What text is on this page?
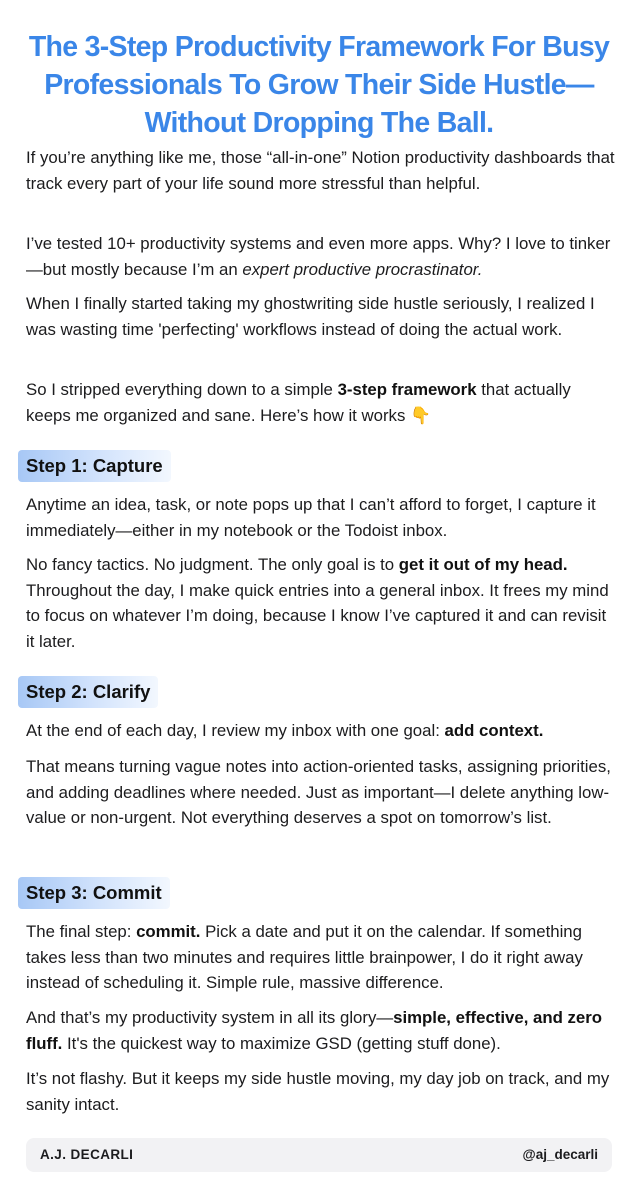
The 3-Step Productivity Framework For Busy Professionals To Grow Their Side Hustle—Without Dropping The Ball.

If you’re anything like me, those “all-in-one” Notion productivity dashboards that track every part of your life sound more stressful than helpful.

I’ve tested 10+ productivity systems and even more apps. Why? I love to tinker—but mostly because I’m an expert productive procrastinator.

When I finally started taking my ghostwriting side hustle seriously, I realized I was wasting time 'perfecting' workflows instead of doing the actual work.

So I stripped everything down to a simple 3-step framework that actually keeps me organized and sane. Here’s how it works 👇

Step 1: Capture

Anytime an idea, task, or note pops up that I can’t afford to forget, I capture it immediately—either in my notebook or the Todoist inbox.

No fancy tactics. No judgment. The only goal is to get it out of my head. Throughout the day, I make quick entries into a general inbox. It frees my mind to focus on whatever I’m doing, because I know I’ve captured it and can revisit it later.

Step 2: Clarify

At the end of each day, I review my inbox with one goal: add context.

That means turning vague notes into action-oriented tasks, assigning priorities, and adding deadlines where needed. Just as important—I delete anything low-value or non-urgent. Not everything deserves a spot on tomorrow’s list.

Step 3: Commit

The final step: commit. Pick a date and put it on the calendar. If something takes less than two minutes and requires little brainpower, I do it right away instead of scheduling it. Simple rule, massive difference.

And that’s my productivity system in all its glory—simple, effective, and zero fluff. It's the quickest way to maximize GSD (getting stuff done).

It’s not flashy. But it keeps my side hustle moving, my day job on track, and my sanity intact.

A.J. DECARLI	@aj_decarli
